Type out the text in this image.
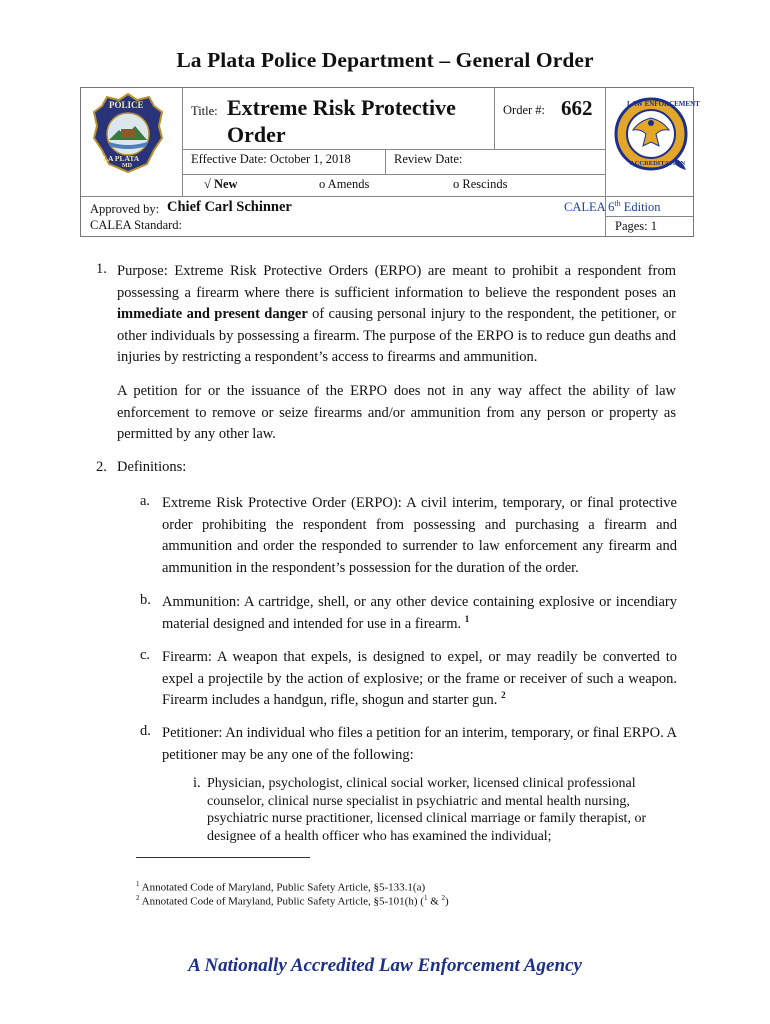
La Plata Police Department – General Order
POLICE
LA PLATA
MD
Title: Extreme Risk Protective
Order
Order #: 662	LAW ENFORCEMENT
ACCREDITATION
Effective Date: October 1, 2018	Review Date:
√ New	o Amends	o Rescinds
Approved by: Chief Carl Schinner	CALEA 6th Edition
CALEA Standard:	Pages: 1
1. Purpose: Extreme Risk Protective Orders (ERPO) are meant to prohibit a respondent from possessing a firearm where there is sufficient information to believe the respondent poses an immediate and present danger of causing personal injury to the respondent, the petitioner, or other individuals by possessing a firearm. The purpose of the ERPO is to reduce gun deaths and injuries by restricting a respondent’s access to firearms and ammunition.
A petition for or the issuance of the ERPO does not in any way affect the ability of law enforcement to remove or seize firearms and/or ammunition from any person or property as permitted by any other law.
2. Definitions:
a. Extreme Risk Protective Order (ERPO): A civil interim, temporary, or final protective order prohibiting the respondent from possessing and purchasing a firearm and ammunition and order the responded to surrender to law enforcement any firearm and ammunition in the respondent’s possession for the duration of the order.
b. Ammunition: A cartridge, shell, or any other device containing explosive or incendiary material designed and intended for use in a firearm. $^1$
c. Firearm: A weapon that expels, is designed to expel, or may readily be converted to expel a projectile by the action of explosive; or the frame or receiver of such a weapon. Firearm includes a handgun, rifle, shogun and starter gun. $^2$
d. Petitioner: An individual who files a petition for an interim, temporary, or final ERPO. A petitioner may be any one of the following:
i. Physician, psychologist, clinical social worker, licensed clinical professional counselor, clinical nurse specialist in psychiatric and mental health nursing, psychiatric nurse practitioner, licensed clinical marriage or family therapist, or designee of a health officer who has examined the individual;
$^1$ Annotated Code of Maryland, Public Safety Article, §5-133.1(a)
$^2$ Annotated Code of Maryland, Public Safety Article, §5-101(h) ($^1$ & $^2$)
A Nationally Accredited Law Enforcement Agency
